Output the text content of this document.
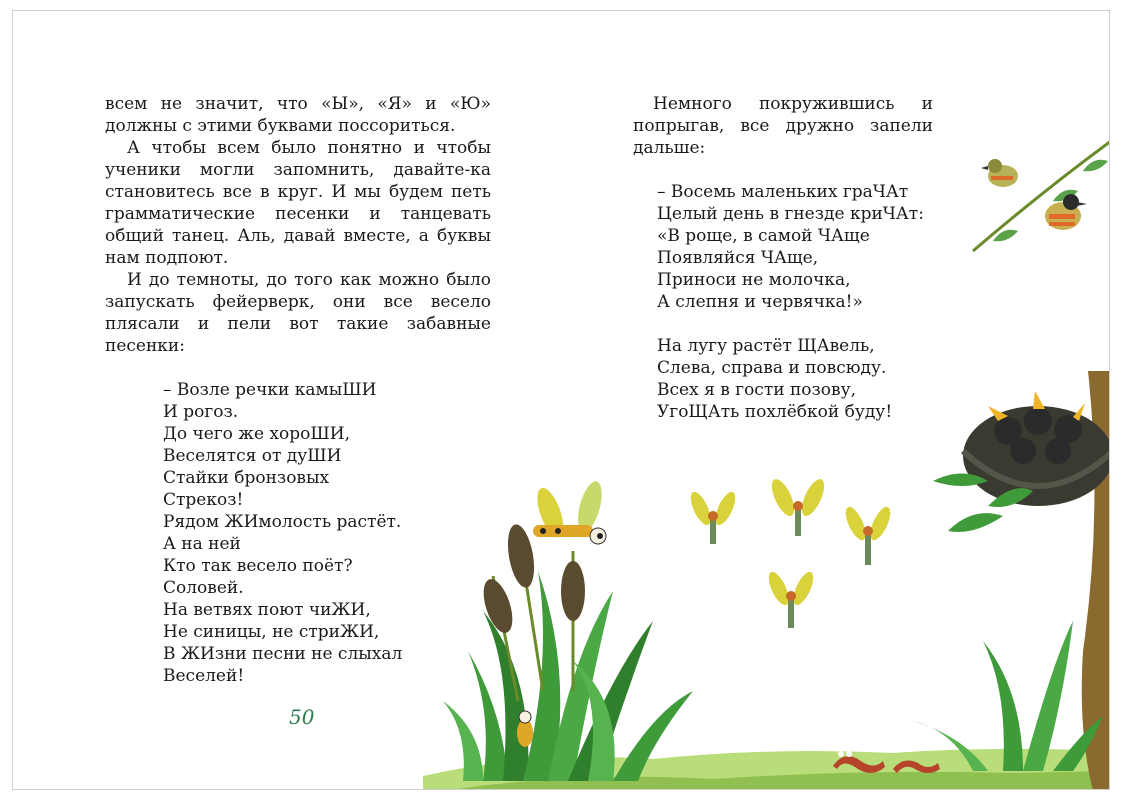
всем не значит, что «Ы», «Я» и «Ю» должны с этими буквами поссориться.

А чтобы всем было понятно и чтобы ученики могли запомнить, давайте-ка становитесь все в круг. И мы будем петь грамматические песенки и танцевать общий танец. Аль, давай вместе, а буквы нам подпоют.

И до темноты, до того как можно было запускать фейерверк, они все весело плясали и пели вот такие забавные песенки:

– Возле речки камыШИ
И рогоз.
До чего же хороШИ,
Веселятся от дуШИ
Стайки бронзовых
Стрекоз!
Рядом ЖИмолость растёт.
А на ней
Кто так весело поёт?
Соловей.
На ветвях поют чиЖИ,
Не синицы, не стриЖИ,
В ЖИзни песни не слыхал
Веселей!
50

Немного покружившись и попрыгав, все дружно запели дальше:

– Восемь маленьких граЧАт
Целый день в гнезде криЧАт:
«В роще, в самой ЧАще
Появляйся ЧАще,
Приноси не молочка,
А слепня и червячка!»
На лугу растёт ЩАвель,
Слева, справа и повсюду.
Всех я в гости позову,
УгоЩАть похлёбкой буду!
